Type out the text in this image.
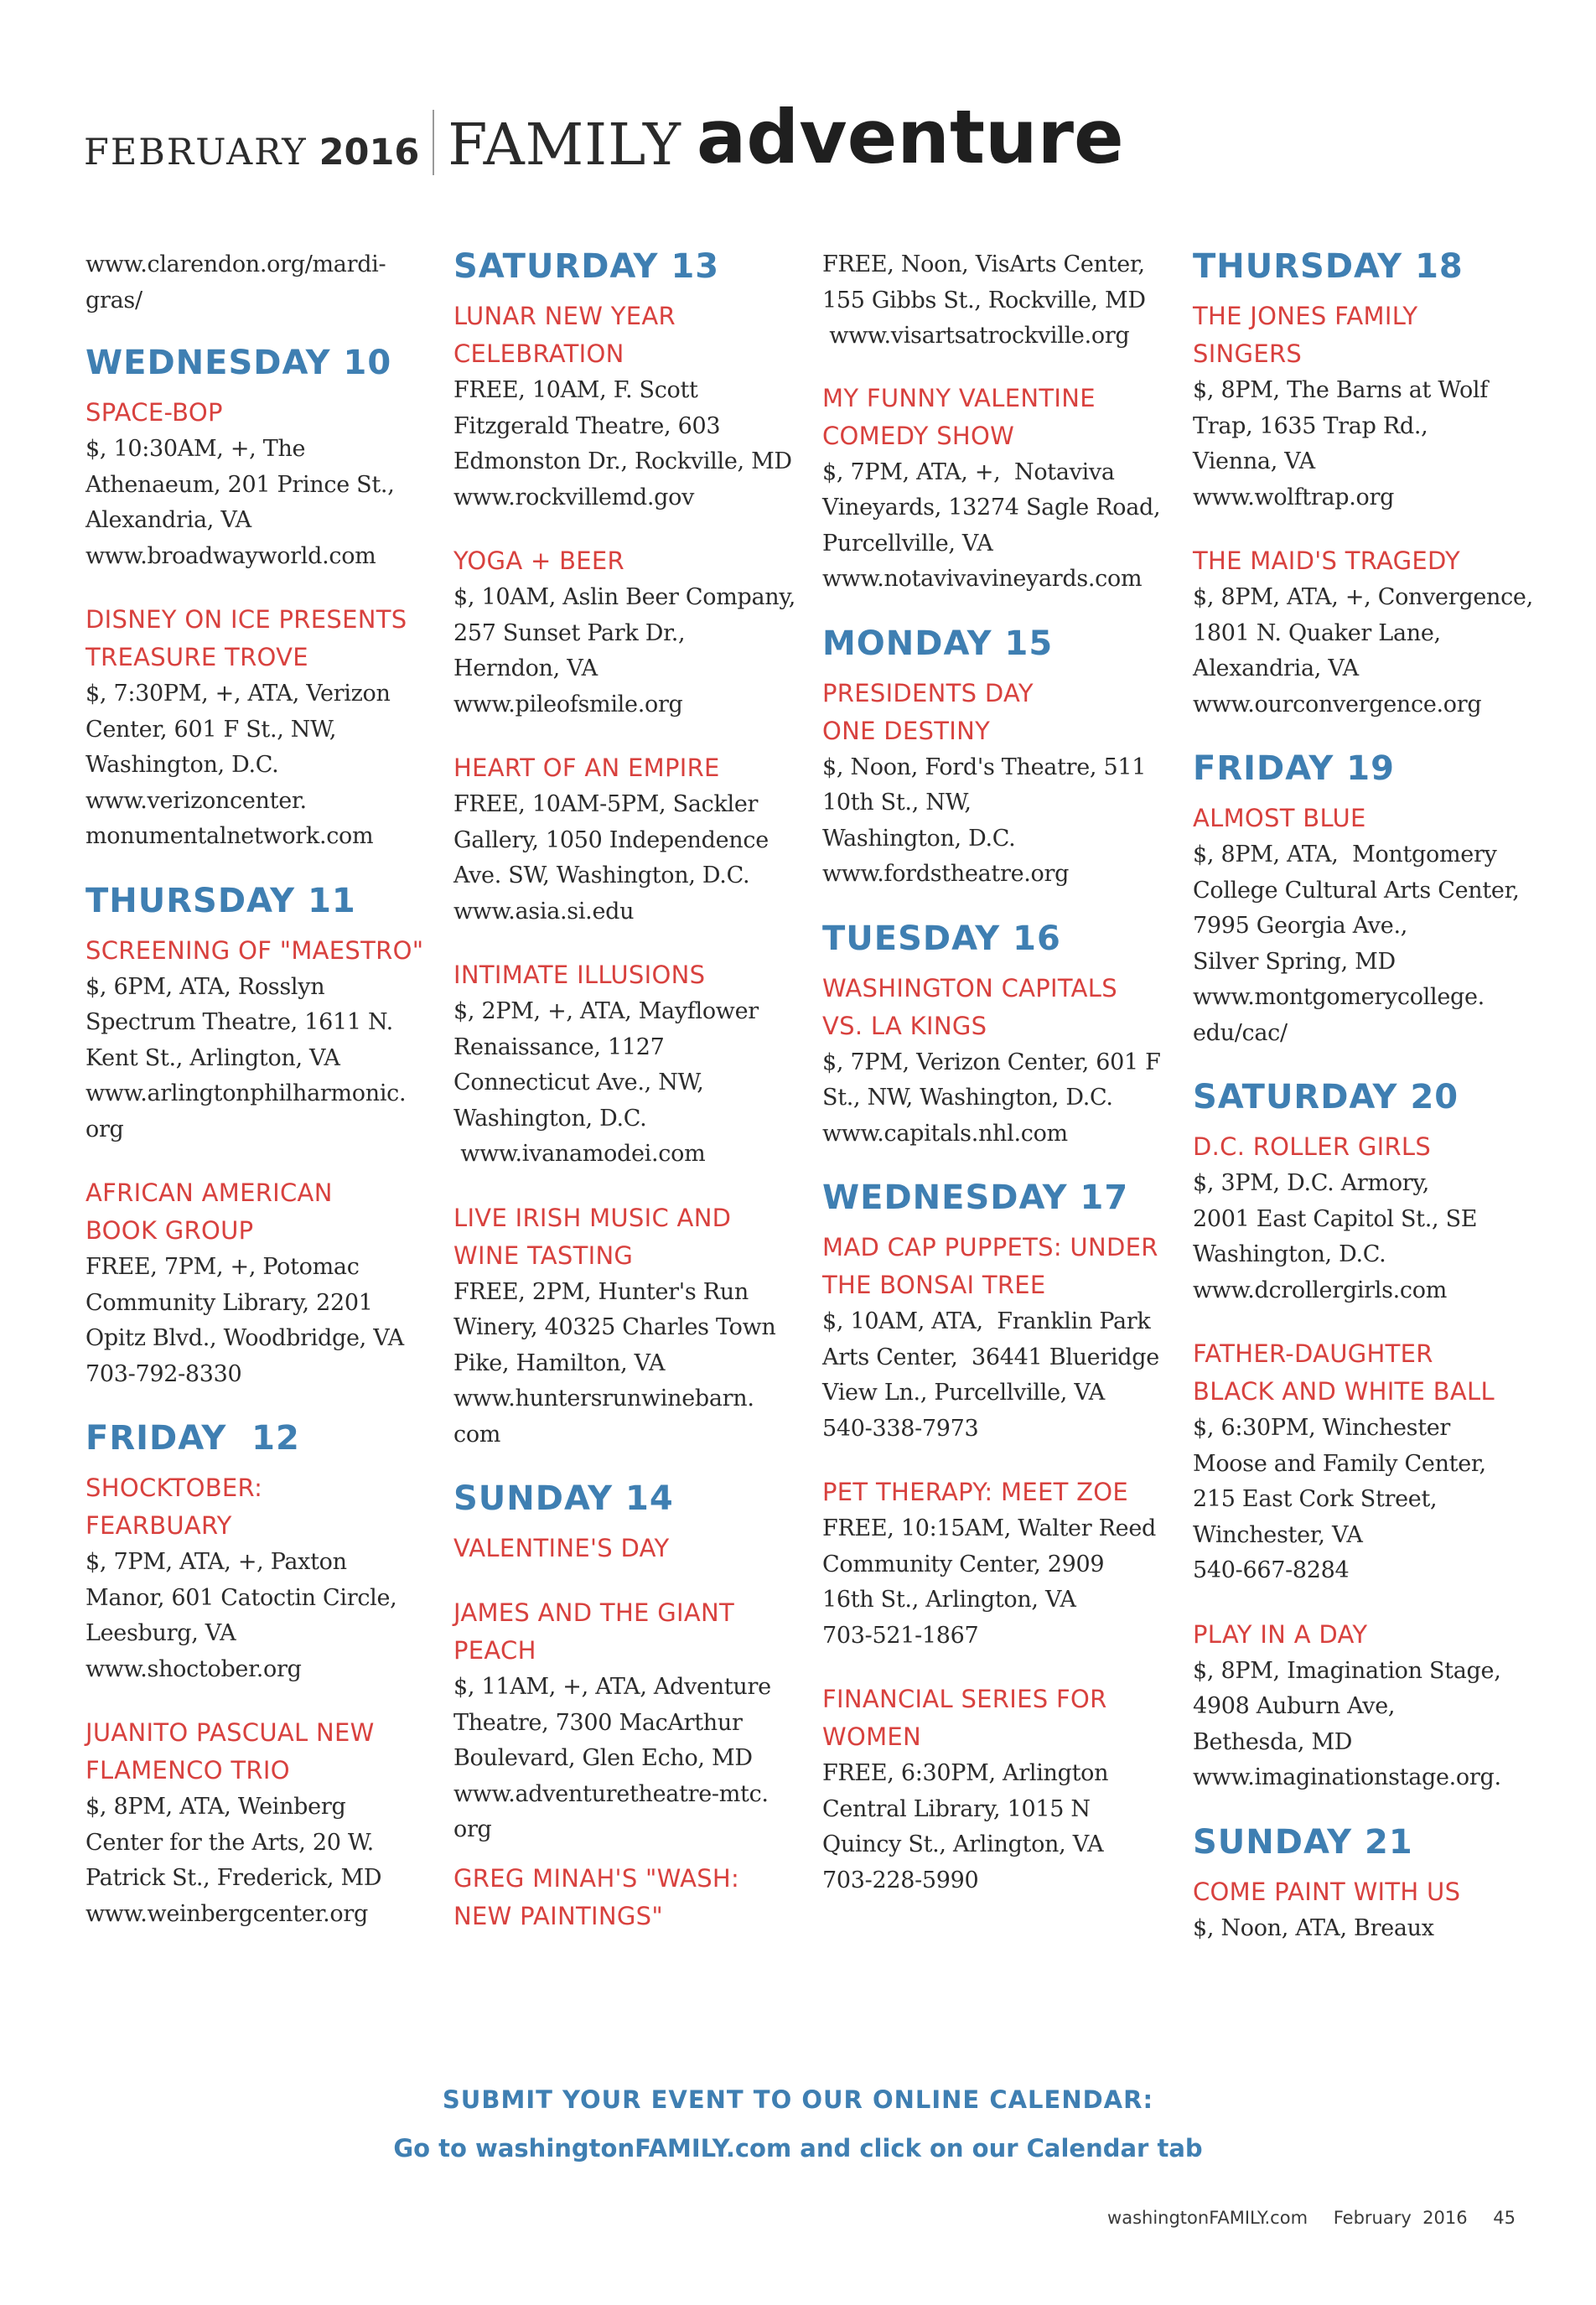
FEBRUARY 2016 FAMILY adventure
www.clarendon.org/mardi-
gras/
WEDNESDAY 10
SPACE-BOP
$, 10:30AM, +, The
Athenaeum, 201 Prince St.,
Alexandria, VA
www.broadwayworld.com
DISNEY ON ICE PRESENTS
TREASURE TROVE
$, 7:30PM, +, ATA, Verizon
Center, 601 F St., NW,
Washington, D.C.
www.verizoncenter.
monumentalnetwork.com
THURSDAY 11
SCREENING OF "MAESTRO"
$, 6PM, ATA, Rosslyn
Spectrum Theatre, 1611 N.
Kent St., Arlington, VA
www.arlingtonphilharmonic.
org
AFRICAN AMERICAN
BOOK GROUP
FREE, 7PM, +, Potomac
Community Library, 2201
Opitz Blvd., Woodbridge, VA
703-792-8330
FRIDAY  12
SHOCKTOBER:
FEARBUARY
$, 7PM, ATA, +, Paxton
Manor, 601 Catoctin Circle,
Leesburg, VA
www.shoctober.org
JUANITO PASCUAL NEW
FLAMENCO TRIO
$, 8PM, ATA, Weinberg
Center for the Arts, 20 W.
Patrick St., Frederick, MD
www.weinbergcenter.org
SATURDAY 13
LUNAR NEW YEAR
CELEBRATION
FREE, 10AM, F. Scott
Fitzgerald Theatre, 603
Edmonston Dr., Rockville, MD
www.rockvillemd.gov
YOGA + BEER
$, 10AM, Aslin Beer Company,
257 Sunset Park Dr.,
Herndon, VA
www.pileofsmile.org
HEART OF AN EMPIRE
FREE, 10AM-5PM, Sackler
Gallery, 1050 Independence
Ave. SW, Washington, D.C.
www.asia.si.edu
INTIMATE ILLUSIONS
$, 2PM, +, ATA, Mayflower
Renaissance, 1127
Connecticut Ave., NW,
Washington, D.C.
www.ivanamodei.com
LIVE IRISH MUSIC AND
WINE TASTING
FREE, 2PM, Hunter's Run
Winery, 40325 Charles Town
Pike, Hamilton, VA
www.huntersrunwinebarn.
com
SUNDAY 14
VALENTINE'S DAY
JAMES AND THE GIANT
PEACH
$, 11AM, +, ATA, Adventure
Theatre, 7300 MacArthur
Boulevard, Glen Echo, MD
www.adventuretheatre-mtc.
org
GREG MINAH'S "WASH:
NEW PAINTINGS"
FREE, Noon, VisArts Center,
155 Gibbs St., Rockville, MD
www.visartsatrockville.org
MY FUNNY VALENTINE
COMEDY SHOW
$, 7PM, ATA, +,  Notaviva
Vineyards, 13274 Sagle Road,
Purcellville, VA
www.notavivavineyards.com
MONDAY 15
PRESIDENTS DAY
ONE DESTINY
$, Noon, Ford's Theatre, 511
10th St., NW,
Washington, D.C.
www.fordstheatre.org
TUESDAY 16
WASHINGTON CAPITALS
VS. LA KINGS
$, 7PM, Verizon Center, 601 F
St., NW, Washington, D.C.
www.capitals.nhl.com
WEDNESDAY 17
MAD CAP PUPPETS: UNDER
THE BONSAI TREE
$, 10AM, ATA,  Franklin Park
Arts Center,  36441 Blueridge
View Ln., Purcellville, VA
540-338-7973
PET THERAPY: MEET ZOE
FREE, 10:15AM, Walter Reed
Community Center, 2909
16th St., Arlington, VA
703-521-1867
FINANCIAL SERIES FOR
WOMEN
FREE, 6:30PM, Arlington
Central Library, 1015 N
Quincy St., Arlington, VA
703-228-5990
THURSDAY 18
THE JONES FAMILY
SINGERS
$, 8PM, The Barns at Wolf
Trap, 1635 Trap Rd.,
Vienna, VA
www.wolftrap.org
THE MAID'S TRAGEDY
$, 8PM, ATA, +, Convergence,
1801 N. Quaker Lane,
Alexandria, VA
www.ourconvergence.org
FRIDAY 19
ALMOST BLUE
$, 8PM, ATA,  Montgomery
College Cultural Arts Center,
7995 Georgia Ave.,
Silver Spring, MD
www.montgomerycollege.
edu/cac/
SATURDAY 20
D.C. ROLLER GIRLS
$, 3PM, D.C. Armory,
2001 East Capitol St., SE
Washington, D.C.
www.dcrollergirls.com
FATHER-DAUGHTER
BLACK AND WHITE BALL
$, 6:30PM, Winchester
Moose and Family Center,
215 East Cork Street,
Winchester, VA
540-667-8284
PLAY IN A DAY
$, 8PM, Imagination Stage,
4908 Auburn Ave,
Bethesda, MD
www.imaginationstage.org.
SUNDAY 21
COME PAINT WITH US
$, Noon, ATA, Breaux
SUBMIT YOUR EVENT TO OUR ONLINE CALENDAR:
Go to washingtonFAMILY.com and click on our Calendar tab
washingtonFAMILY.com February  2016 45
